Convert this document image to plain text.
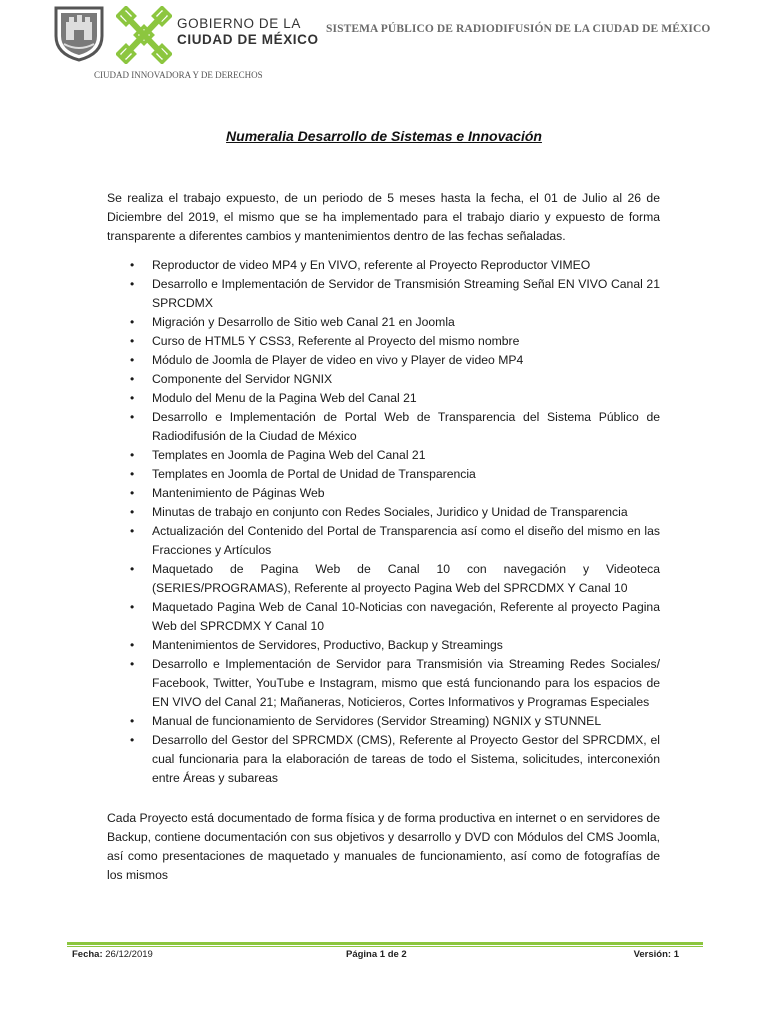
GOBIERNO DE LA
CIUDAD DE MÉXICO
SISTEMA PÚBLICO DE RADIODIFUSIÓN DE LA CIUDAD DE MÉXICO
CIUDAD INNOVADORA Y DE DERECHOS
Numeralia Desarrollo de Sistemas e Innovación

Se realiza el trabajo expuesto, de un periodo de 5 meses hasta la fecha, el 01 de Julio al 26 de Diciembre del 2019, el mismo que se ha implementado para el trabajo diario y expuesto de forma transparente a diferentes cambios y mantenimientos dentro de las fechas señaladas.

• Reproductor de video MP4 y En VIVO, referente al Proyecto Reproductor VIMEO
• Desarrollo e Implementación de Servidor de Transmisión Streaming Señal EN VIVO Canal 21 SPRCDMX
• Migración y Desarrollo de Sitio web Canal 21 en Joomla
• Curso de HTML5 Y CSS3, Referente al Proyecto del mismo nombre
• Módulo de Joomla de Player de video en vivo y Player de video MP4
• Componente del Servidor NGNIX
• Modulo del Menu de la Pagina Web del Canal 21
• Desarrollo e Implementación de Portal Web de Transparencia del Sistema Público de Radiodifusión de la Ciudad de México
• Templates en Joomla de Pagina Web del Canal 21
• Templates en Joomla de Portal de Unidad de Transparencia
• Mantenimiento de Páginas Web
• Minutas de trabajo en conjunto con Redes Sociales, Juridico y Unidad de Transparencia
• Actualización del Contenido del Portal de Transparencia así como el diseño del mismo en las Fracciones y Artículos
• Maquetado de Pagina Web de Canal 10 con navegación y Videoteca (SERIES/PROGRAMAS), Referente al proyecto Pagina Web del SPRCDMX Y Canal 10
• Maquetado Pagina Web de Canal 10-Noticias con navegación, Referente al proyecto Pagina Web del SPRCDMX Y Canal 10
• Mantenimientos de Servidores, Productivo, Backup y Streamings
• Desarrollo e Implementación de Servidor para Transmisión via Streaming Redes Sociales/ Facebook, Twitter, YouTube e Instagram, mismo que está funcionando para los espacios de EN VIVO del Canal 21; Mañaneras, Noticieros, Cortes Informativos y Programas Especiales
• Manual de funcionamiento de Servidores (Servidor Streaming) NGNIX y STUNNEL
• Desarrollo del Gestor del SPRCMDX (CMS), Referente al Proyecto Gestor del SPRCDMX, el cual funcionaria para la elaboración de tareas de todo el Sistema, solicitudes, interconexión entre Áreas y subareas

Cada Proyecto está documentado de forma física y de forma productiva en internet o en servidores de Backup, contiene documentación con sus objetivos y desarrollo y DVD con Módulos del CMS Joomla, así como presentaciones de maquetado y manuales de funcionamiento, así como de fotografías de los mismos

Fecha: 26/12/2019	Página 1 de 2	Versión: 1
